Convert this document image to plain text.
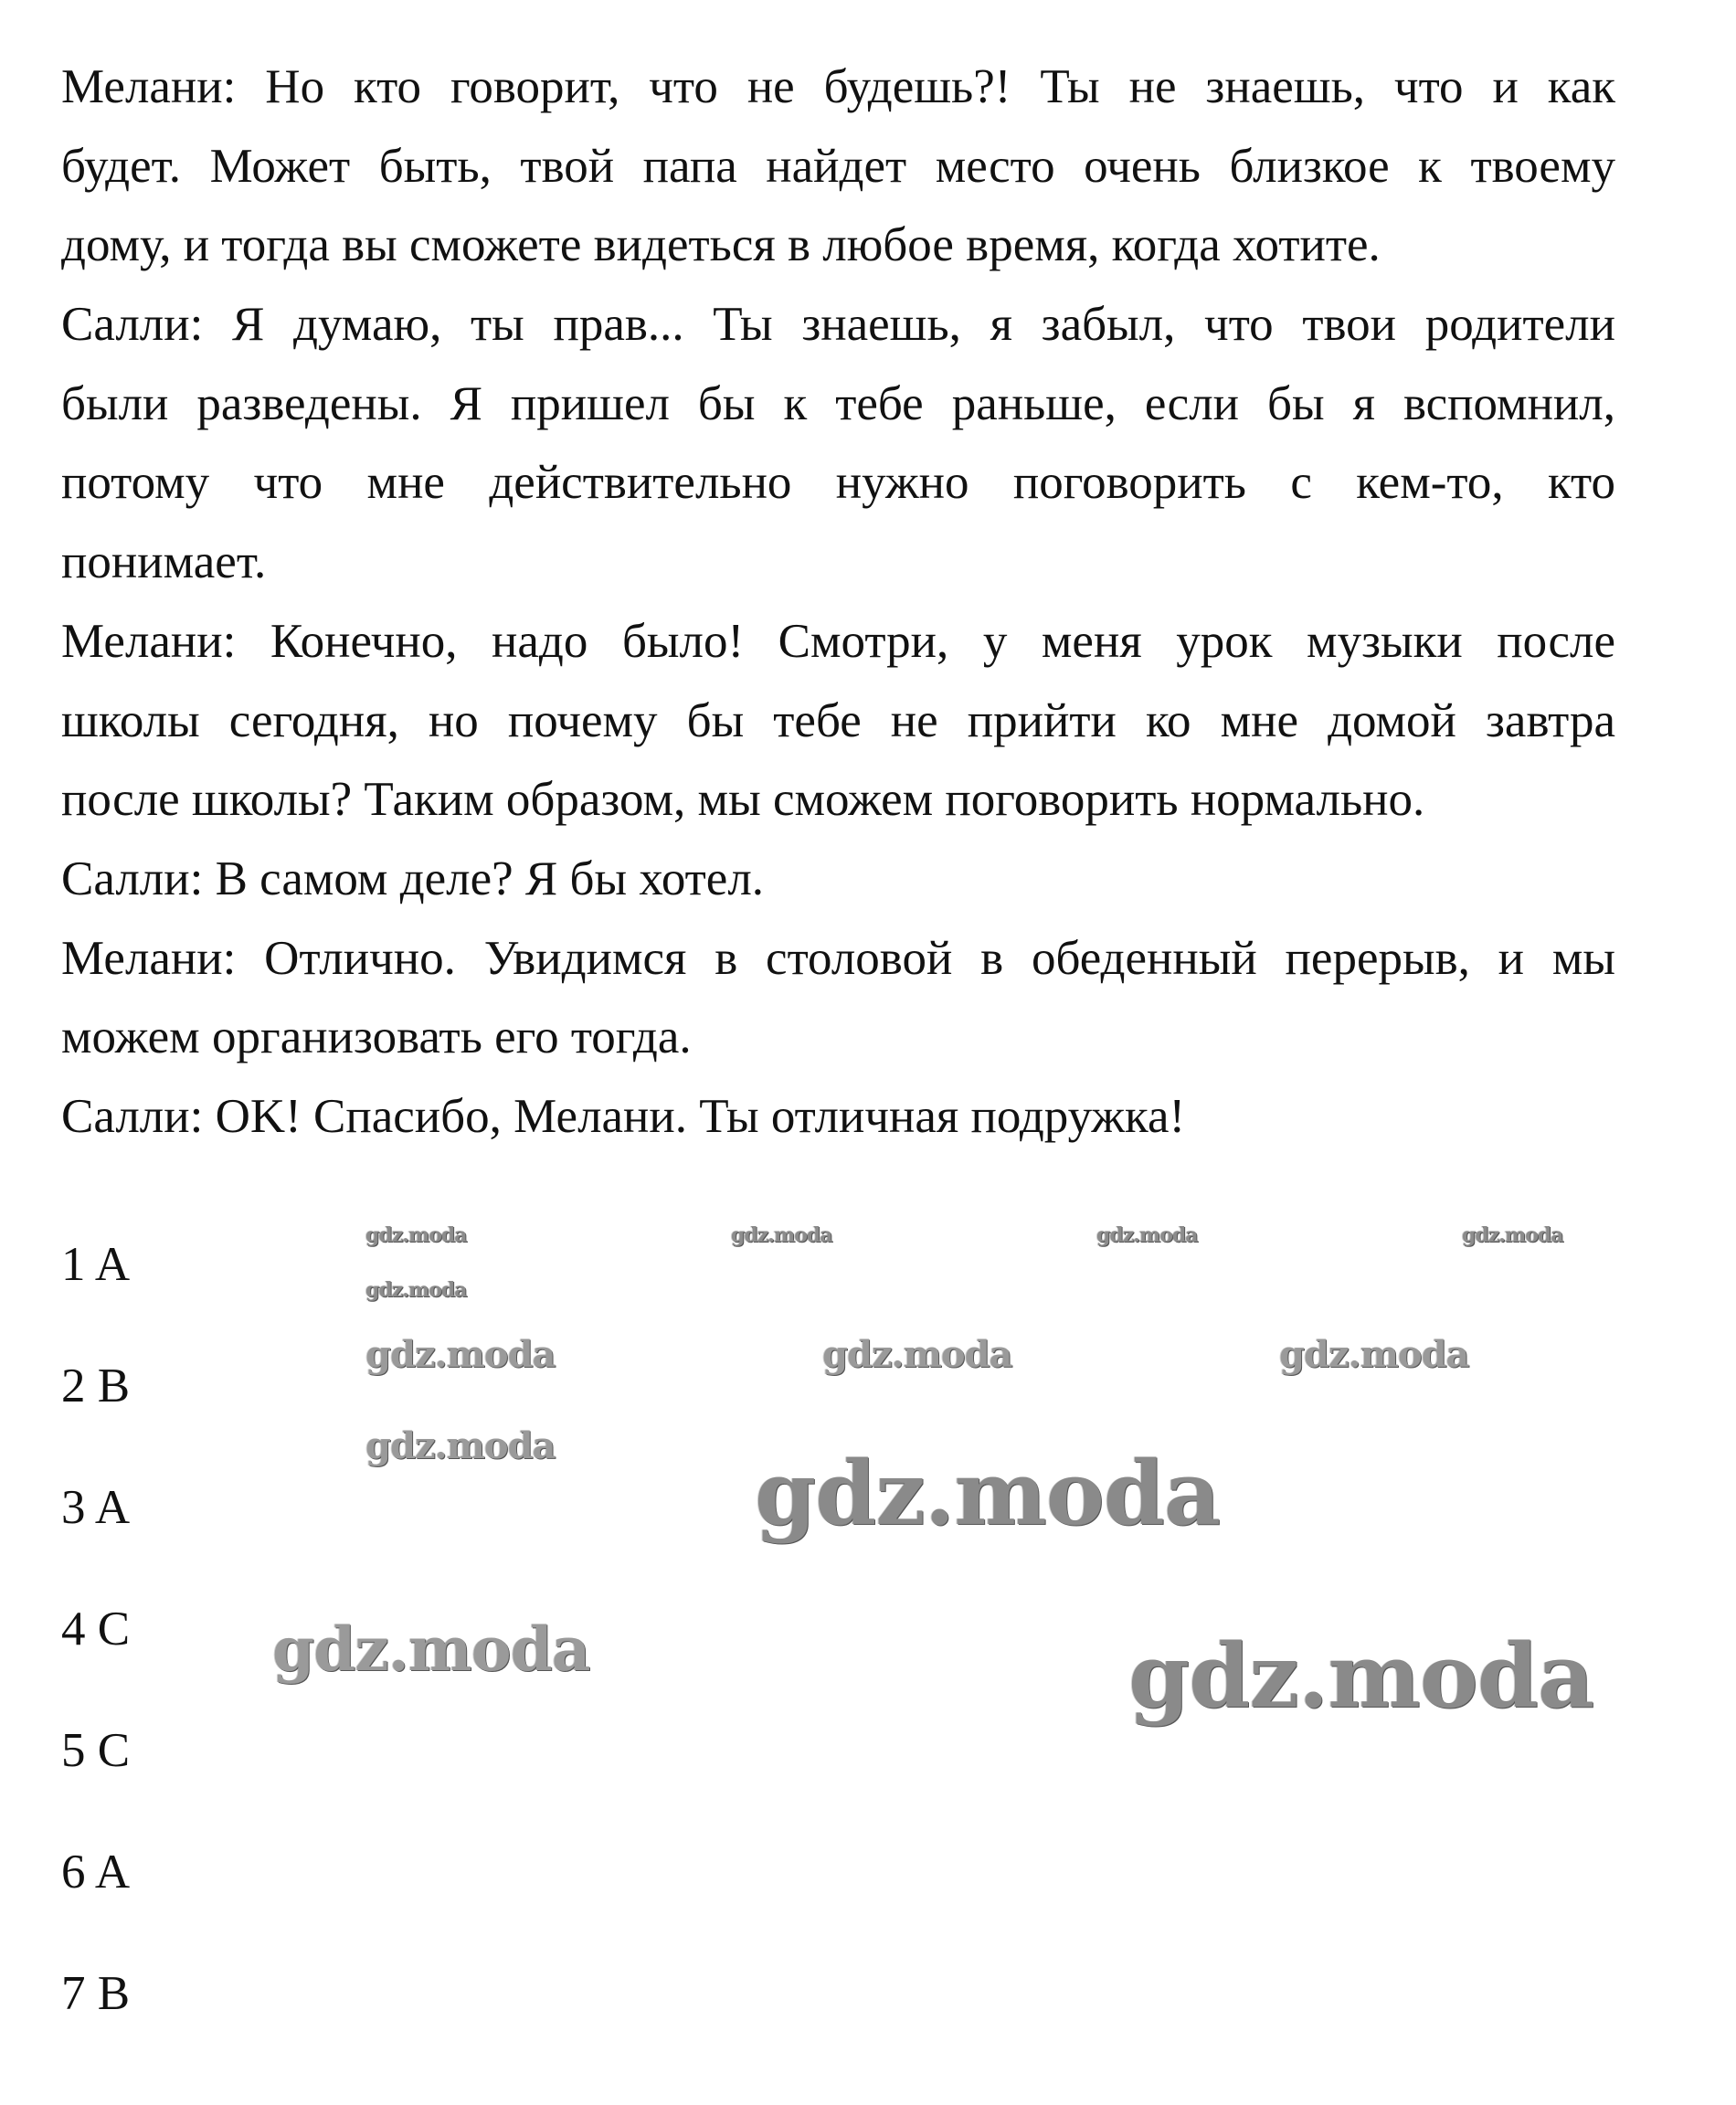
Мелани: Но кто говорит, что не будешь?! Ты не знаешь, что и как
будет. Может быть, твой папа найдет место очень близкое к твоему
дому, и тогда вы сможете видеться в любое время, когда хотите.
Салли: Я думаю, ты прав... Ты знаешь, я забыл, что твои родители
были разведены. Я пришел бы к тебе раньше, если бы я вспомнил,
потому что мне действительно нужно поговорить с кем-то, кто
понимает.
Мелани: Конечно, надо было! Смотри, у меня урок музыки после
школы сегодня, но почему бы тебе не прийти ко мне домой завтра
после школы? Таким образом, мы сможем поговорить нормально.
Салли: В самом деле? Я бы хотел.
Мелани: Отлично. Увидимся в столовой в обеденный перерыв, и мы
можем организовать его тогда.
Салли: OK! Спасибо, Мелани. Ты отличная подружка!
1 A
2 B
3 A
4 C
5 C
6 A
7 B
gdz.moda	gdz.moda	gdz.moda	gdz.moda
gdz.moda
gdz.moda	gdz.moda	gdz.moda
gdz.moda gdz.moda
gdz.moda	gdz.moda
